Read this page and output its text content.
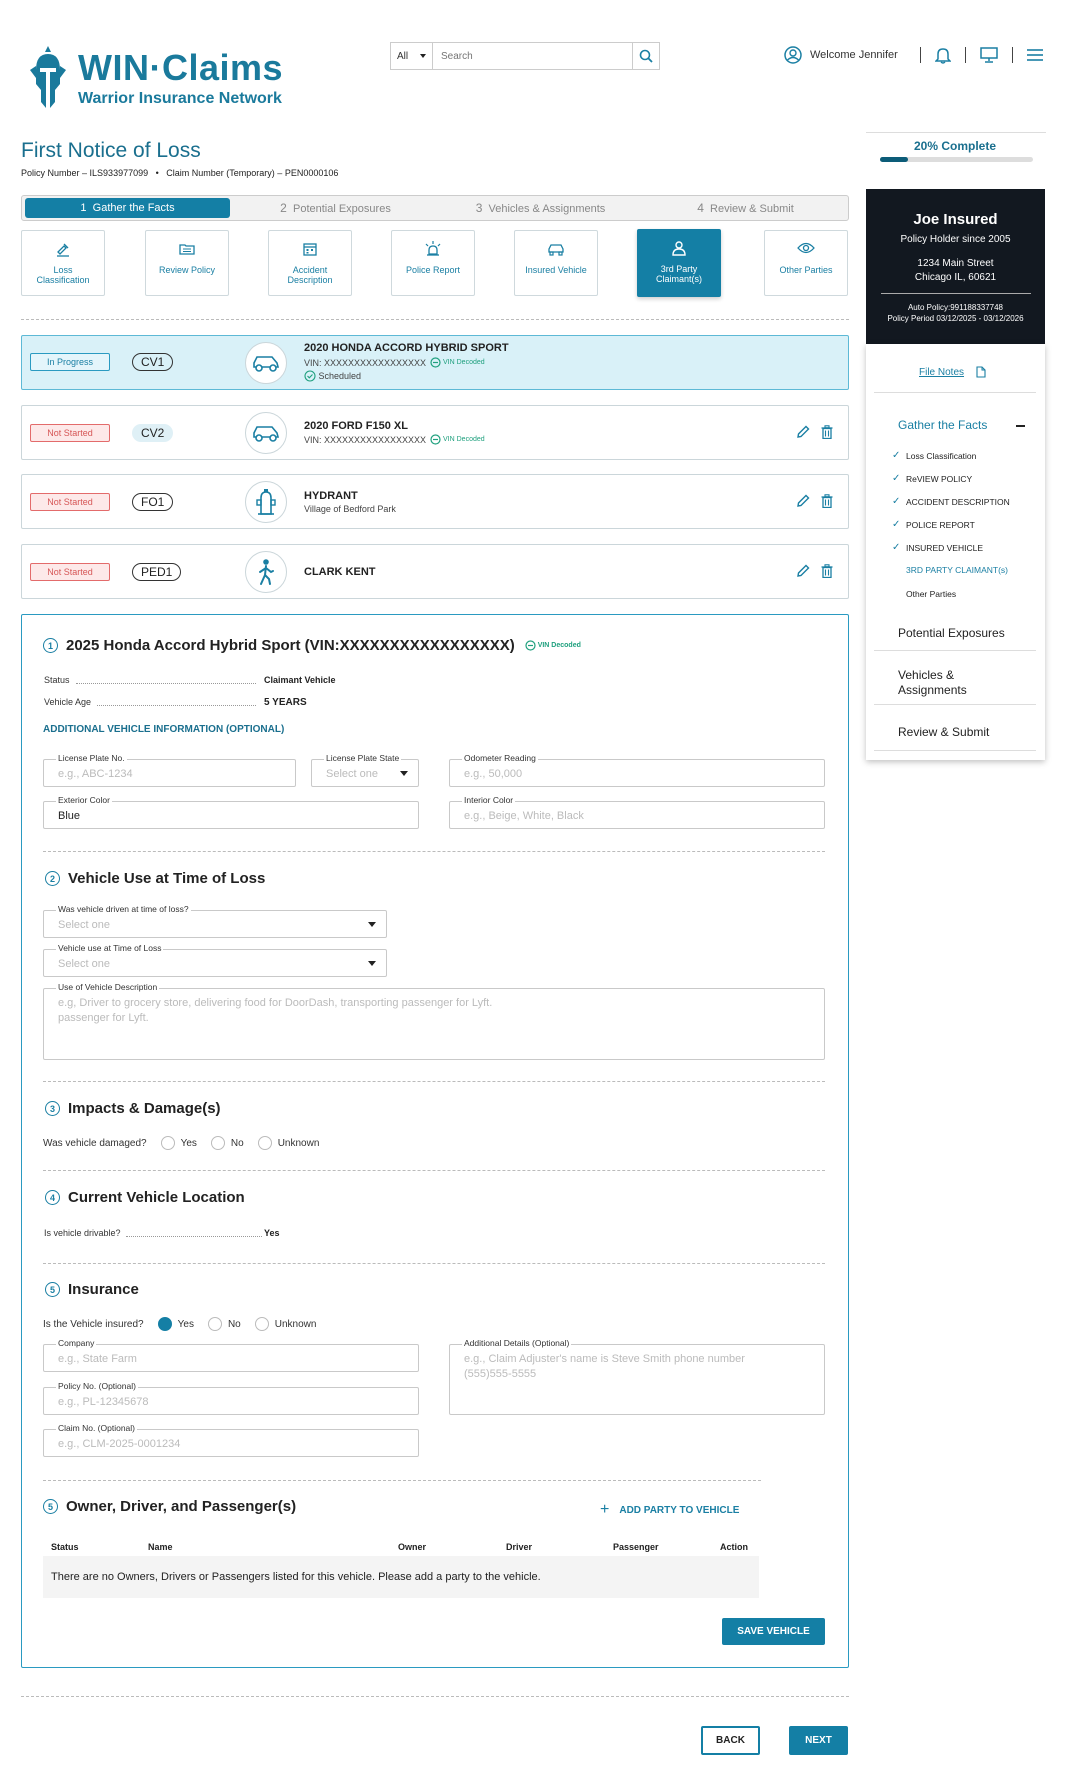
WIN·Claims
Warrior Insurance Network
All
Search	Welcome Jennifer
First Notice of Loss
Policy Number – ILS933977099   •   Claim Number (Temporary) – PEN0000106
20% Complete
1 Gather the Facts	2 Potential Exposures	3 Vehicles & Assignments	4 Review & Submit
Loss
Classification
Review Policy	Accident
Description
Police Report	Insured Vehicle	3rd Party
Claimant(s)
Other Parties
In Progress	CV1
2020 HONDA ACCORD HYBRID SPORT
VIN: XXXXXXXXXXXXXXXXX
VIN Decoded

Scheduled
Not Started	CV2	2020 FORD F150 XL
VIN: XXXXXXXXXXXXXXXXX
VIN Decoded
Not Started	FO1	HYDRANT
Village of Bedford Park
Not Started	PED1	CLARK KENT
Joe Insured
Policy Holder since 2005
1234 Main Street
Chicago IL, 60621
Auto Policy:991188337748
Policy Period 03/12/2025 - 03/12/2026
File Notes
Gather the Facts
✓ Loss Classification
✓ ReVIEW POLICY
✓ ACCIDENT DESCRIPTION
✓ POLICE REPORT
✓ INSURED VEHICLE
3RD PARTY CLAIMANT(s)
Other Parties
Potential Exposures
Vehicles &
Assignments
Review & Submit
1 2025 Honda Accord Hybrid Sport (VIN:XXXXXXXXXXXXXXXXX)
	VIN Decoded
Status	Claimant Vehicle
Vehicle Age	5 YEARS
ADDITIONAL VEHICLE INFORMATION (OPTIONAL)
License Plate No.
e.g., ABC-1234
License Plate State
Select one
Odometer Reading
e.g., 50,000
Exterior Color
Blue
Interior Color
e.g., Beige, White, Black
2 Vehicle Use at Time of Loss
Was vehicle driven at time of loss?
Select one
Vehicle use at Time of Loss
Select one
Use of Vehicle Description
e.g, Driver to grocery store, delivering food for DoorDash, transporting passenger for Lyft.
passenger for Lyft.
3 Impacts & Damage(s)
Was vehicle damaged?	Yes	No	Unknown
4 Current Vehicle Location
Is vehicle drivable?	Yes
5 Insurance
Is the Vehicle insured?	Yes	No	Unknown
Company
e.g., State Farm
Policy No. (Optional)
e.g., PL-12345678
Claim No. (Optional)
e.g., CLM-2025-0001234
Additional Details (Optional)
e.g., Claim Adjuster's name is Steve Smith phone number
(555)555-5555
5 Owner, Driver, and Passenger(s)	+ ADD PARTY TO VEHICLE
Status	Name	Owner	Driver	Passenger	Action
There are no Owners, Drivers or Passengers listed for this vehicle. Please add a party to the vehicle.
SAVE VEHICLE
BACK	NEXT
